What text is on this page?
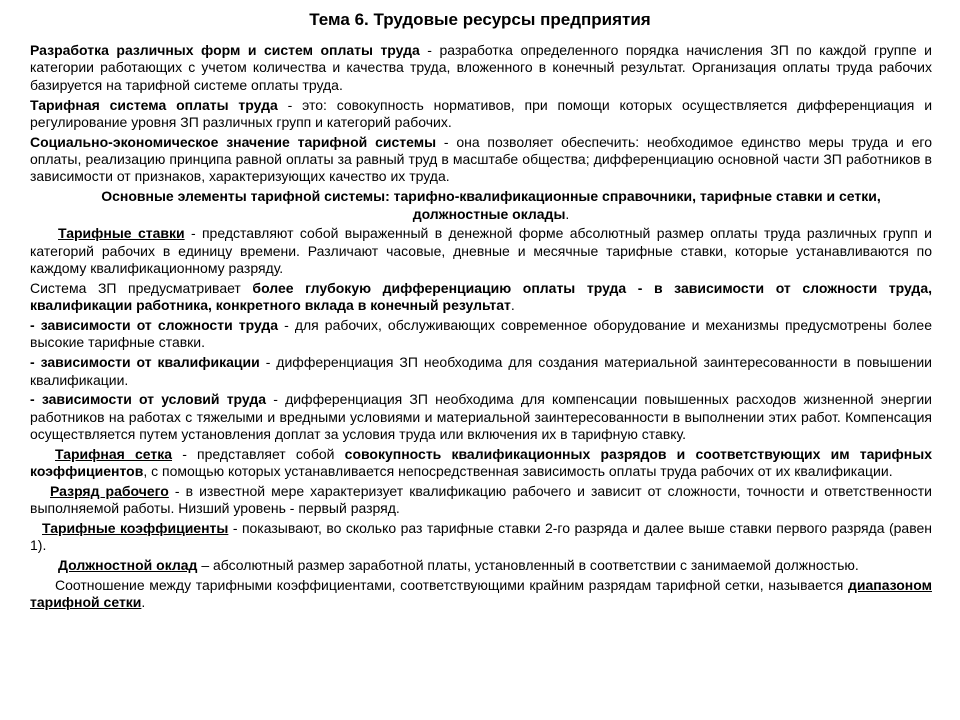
Тема 6. Трудовые ресурсы предприятия

Разработка различных форм и систем оплаты труда - разработка определенного порядка начисления ЗП по каждой группе и категории работающих с учетом количества и качества труда, вложенного в конечный результат. Организация оплаты труда рабочих базируется на тарифной системе оплаты труда.

Тарифная система оплаты труда - это: совокупность нормативов, при помощи которых осуществляется дифференциация и регулирование уровня ЗП различных групп и категорий рабочих.

Социально-экономическое значение тарифной системы - она позволяет обеспечить: необходимое единство меры труда и его оплаты, реализацию принципа равной оплаты за равный труд в масштабе общества; дифференциацию основной части ЗП работников в зависимости от признаков, характеризующих качество их труда.

Основные элементы тарифной системы: тарифно-квалификационные справочники, тарифные ставки и сетки, должностные оклады.

Тарифные ставки - представляют собой выраженный в денежной форме абсолютный размер оплаты труда различных групп и категорий рабочих в единицу времени. Различают часовые, дневные и месячные тарифные ставки, которые устанавливаются по каждому квалификационному разряду.

Система ЗП предусматривает более глубокую дифференциацию оплаты труда - в зависимости от сложности труда, квалификации работника, конкретного вклада в конечный результат.

- зависимости от сложности труда - для рабочих, обслуживающих современное оборудование и механизмы предусмотрены более высокие тарифные ставки.

- зависимости от квалификации - дифференциация ЗП необходима для создания материальной заинтересованности в повышении квалификации.

- зависимости от условий труда - дифференциация ЗП необходима для компенсации повышенных расходов жизненной энергии работников на работах с тяжелыми и вредными условиями и материальной заинтересованности в выполнении этих работ. Компенсация осуществляется путем установления доплат за условия труда или включения их в тарифную ставку.

Тарифная сетка - представляет собой совокупность квалификационных разрядов и соответствующих им тарифных коэффициентов, с помощью которых устанавливается непосредственная зависимость оплаты труда рабочих от их квалификации.

Разряд рабочего - в известной мере характеризует квалификацию рабочего и зависит от сложности, точности и ответственности выполняемой работы. Низший уровень - первый разряд.

Тарифные коэффициенты - показывают, во сколько раз тарифные ставки 2-го разряда и далее выше ставки первого разряда (равен 1).

Должностной оклад – абсолютный размер заработной платы, установленный в соответствии с занимаемой должностью.

Соотношение между тарифными коэффициентами, соответствующими крайним разрядам тарифной сетки, называется диапазоном тарифной сетки.
